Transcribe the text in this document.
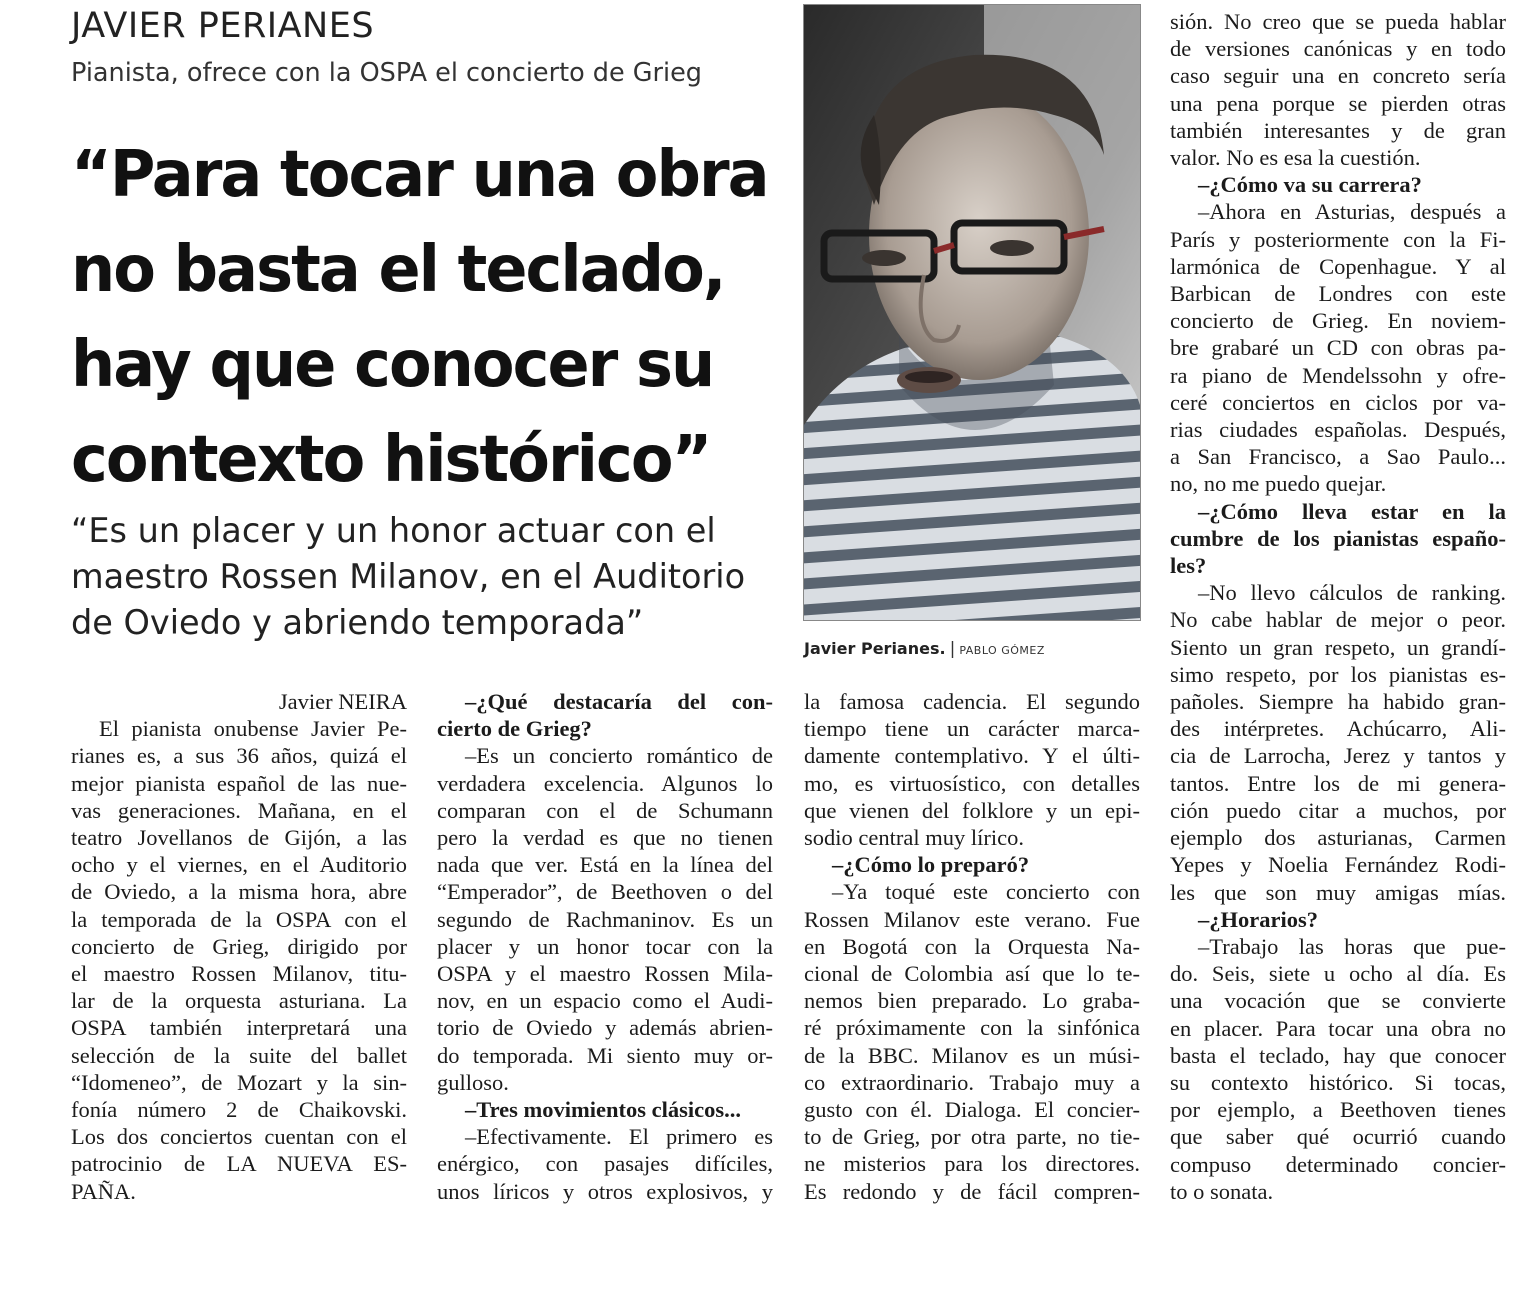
JAVIER PERIANES
Pianista, ofrece con la OSPA el concierto de Grieg
“Para tocar una obra
no basta el teclado,
hay que conocer su
contexto histórico”
“Es un placer y un honor actuar con el
maestro Rossen Milanov, en el Auditorio
de Oviedo y abriendo temporada”
Javier Perianes. | PABLO GÓMEZ
Javier NEIRA
El pianista onubense Javier Pe-
rianes es, a sus 36 años, quizá el
mejor pianista español de las nue-
vas generaciones. Mañana, en el
teatro Jovellanos de Gijón, a las
ocho y el viernes, en el Auditorio
de Oviedo, a la misma hora, abre
la temporada de la OSPA con el
concierto de Grieg, dirigido por
el maestro Rossen Milanov, titu-
lar de la orquesta asturiana. La
OSPA también interpretará una
selección de la suite del ballet
“Idomeneo”, de Mozart y la sin-
fonía número 2 de Chaikovski.
Los dos conciertos cuentan con el
patrocinio de LA NUEVA ES-
PAÑA.
–¿Qué destacaría del con-
cierto de Grieg?
–Es un concierto romántico de
verdadera excelencia. Algunos lo
comparan con el de Schumann
pero la verdad es que no tienen
nada que ver. Está en la línea del
“Emperador”, de Beethoven o del
segundo de Rachmaninov. Es un
placer y un honor tocar con la
OSPA y el maestro Rossen Mila-
nov, en un espacio como el Audi-
torio de Oviedo y además abrien-
do temporada. Mi siento muy or-
gulloso.
–Tres movimientos clásicos...
–Efectivamente. El primero es
enérgico, con pasajes difíciles,
unos líricos y otros explosivos, y
la famosa cadencia. El segundo
tiempo tiene un carácter marca-
damente contemplativo. Y el últi-
mo, es virtuosístico, con detalles
que vienen del folklore y un epi-
sodio central muy lírico.
–¿Cómo lo preparó?
–Ya toqué este concierto con
Rossen Milanov este verano. Fue
en Bogotá con la Orquesta Na-
cional de Colombia así que lo te-
nemos bien preparado. Lo graba-
ré próximamente con la sinfónica
de la BBC. Milanov es un músi-
co extraordinario. Trabajo muy a
gusto con él. Dialoga. El concier-
to de Grieg, por otra parte, no tie-
ne misterios para los directores.
Es redondo y de fácil compren-
sión. No creo que se pueda hablar
de versiones canónicas y en todo
caso seguir una en concreto sería
una pena porque se pierden otras
también interesantes y de gran
valor. No es esa la cuestión.
–¿Cómo va su carrera?
–Ahora en Asturias, después a
París y posteriormente con la Fi-
larmónica de Copenhague. Y al
Barbican de Londres con este
concierto de Grieg. En noviem-
bre grabaré un CD con obras pa-
ra piano de Mendelssohn y ofre-
ceré conciertos en ciclos por va-
rias ciudades españolas. Después,
a San Francisco, a Sao Paulo...
no, no me puedo quejar.
–¿Cómo lleva estar en la
cumbre de los pianistas españo-
les?
–No llevo cálculos de ranking.
No cabe hablar de mejor o peor.
Siento un gran respeto, un grandí-
simo respeto, por los pianistas es-
pañoles. Siempre ha habido gran-
des intérpretes. Achúcarro, Ali-
cia de Larrocha, Jerez y tantos y
tantos. Entre los de mi genera-
ción puedo citar a muchos, por
ejemplo dos asturianas, Carmen
Yepes y Noelia Fernández Rodi-
les que son muy amigas mías.
–¿Horarios?
–Trabajo las horas que pue-
do. Seis, siete u ocho al día. Es
una vocación que se convierte
en placer. Para tocar una obra no
basta el teclado, hay que conocer
su contexto histórico. Si tocas,
por ejemplo, a Beethoven tienes
que saber qué ocurrió cuando
compuso determinado concier-
to o sonata.
